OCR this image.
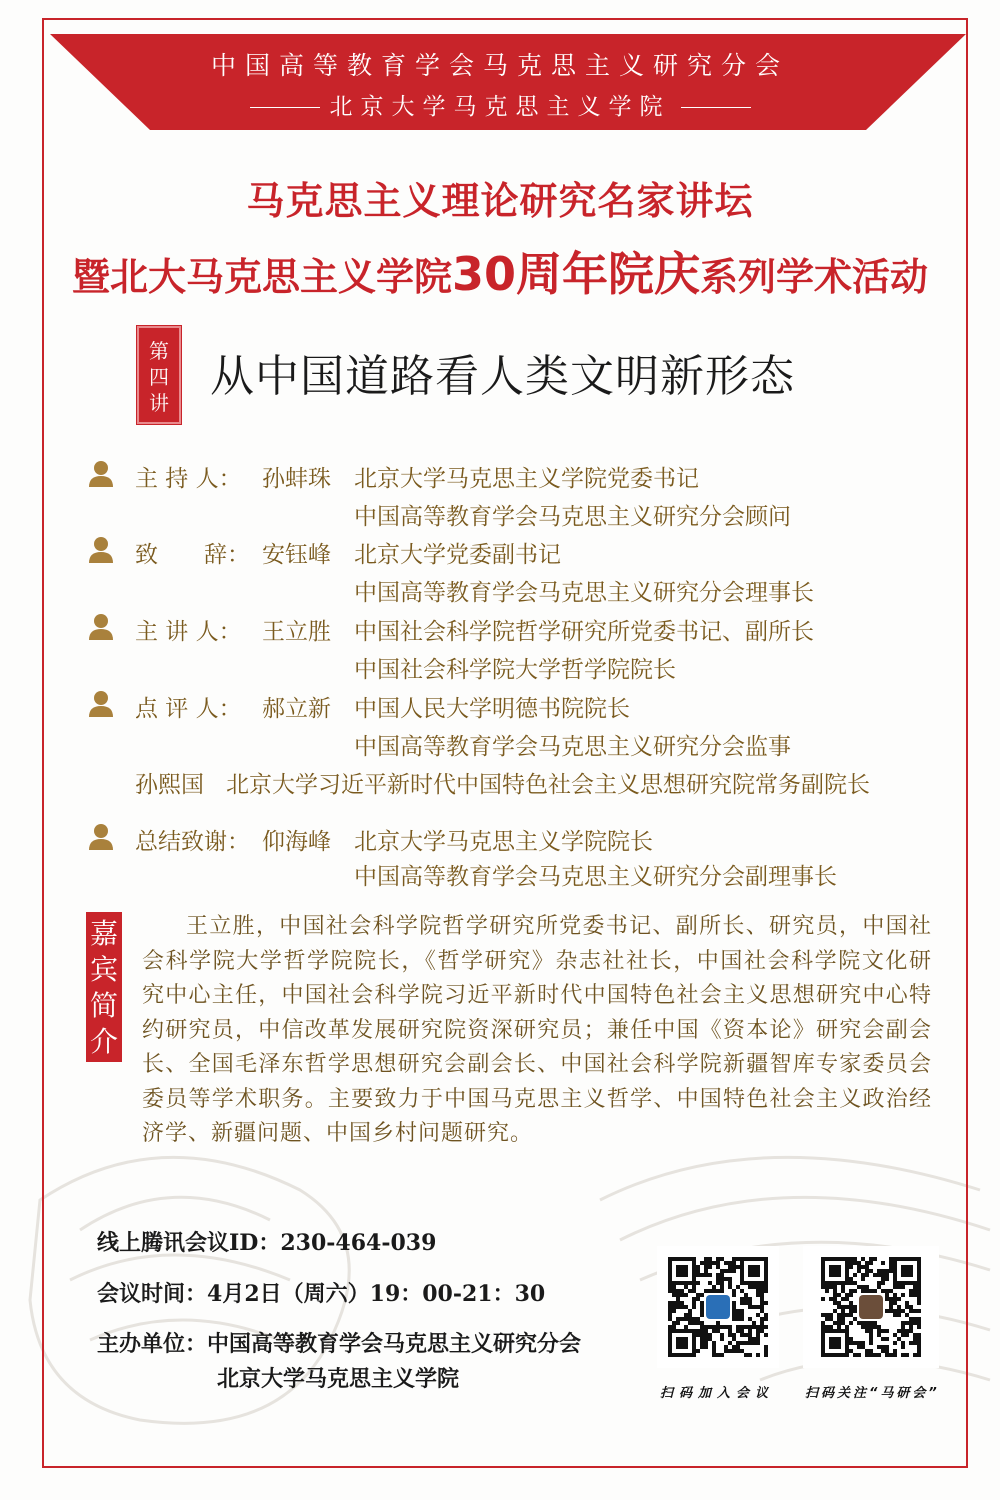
中国高等教育学会马克思主义研究分会
北京大学马克思主义学院
马克思主义理论研究名家讲坛
暨北大马克思主义学院30周年院庆系列学术活动
第
四
讲
从中国道路看人类文明新形态
主 持 人： 孙蚌珠 北京大学马克思主义学院党委书记
中国高等教育学会马克思主义研究分会顾问
致　　辞： 安钰峰 北京大学党委副书记
中国高等教育学会马克思主义研究分会理事长
主 讲 人： 王立胜 中国社会科学院哲学研究所党委书记、副所长
中国社会科学院大学哲学院院长
点 评 人： 郝立新 中国人民大学明德书院院长
中国高等教育学会马克思主义研究分会监事
孙熙国 北京大学习近平新时代中国特色社会主义思想研究院常务副院长
总结致谢： 仰海峰 北京大学马克思主义学院院长
中国高等教育学会马克思主义研究分会副理事长
嘉
宾
简
介
王立胜，中国社会科学院哲学研究所党委书记、副所长、研究员，中国社会科学院大学哲学院院长，《哲学研究》杂志社社长，中国社会科学院文化研究中心主任，中国社会科学院习近平新时代中国特色社会主义思想研究中心特约研究员，中信改革发展研究院资深研究员；兼任中国《资本论》研究会副会长、全国毛泽东哲学思想研究会副会长、中国社会科学院新疆智库专家委员会委员等学术职务。主要致力于中国马克思主义哲学、中国特色社会主义政治经济学、新疆问题、中国乡村问题研究。
线上腾讯会议ID：230-464-039
会议时间：4月2日（周六）19：00-21：30
主办单位：中国高等教育学会马克思主义研究分会
北京大学马克思主义学院
扫码加入会议 扫码关注“马研会”
